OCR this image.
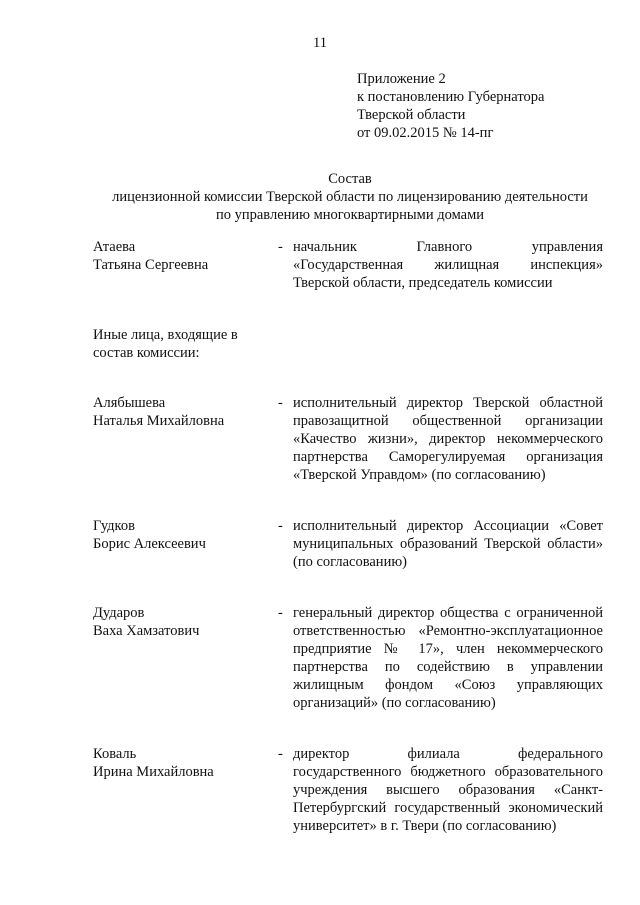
11
Приложение 2
к постановлению Губернатора
Тверской области
от 09.02.2015 № 14-пг
Состав
лицензионной комиссии Тверской области по лицензированию деятельности
по управлению многоквартирными домами
Атаева
Татьяна Сергеевна
- начальник Главного управления «Государственная жилищная инспекция» Тверской области, председатель комиссии
Иные лица, входящие в состав комиссии:
Алябышева
Наталья Михайловна
- исполнительный директор Тверской областной правозащитной общественной организации «Качество жизни», директор некоммерческого партнерства Саморегулируемая организация «Тверской Управдом» (по согласованию)
Гудков
Борис Алексеевич
- исполнительный директор Ассоциации «Совет муниципальных образований Тверской области» (по согласованию)
Дударов
Ваха Хамзатович
- генеральный директор общества с ограниченной ответственностью «Ремонтно-эксплуатационное предприятие № 17», член некоммерческого партнерства по содействию в управлении жилищным фондом «Союз управляющих организаций» (по согласованию)
Коваль
Ирина Михайловна
- директор филиала федерального государственного бюджетного образовательного учреждения высшего образования «Санкт-Петербургский государственный экономический университет» в г. Твери (по согласованию)
